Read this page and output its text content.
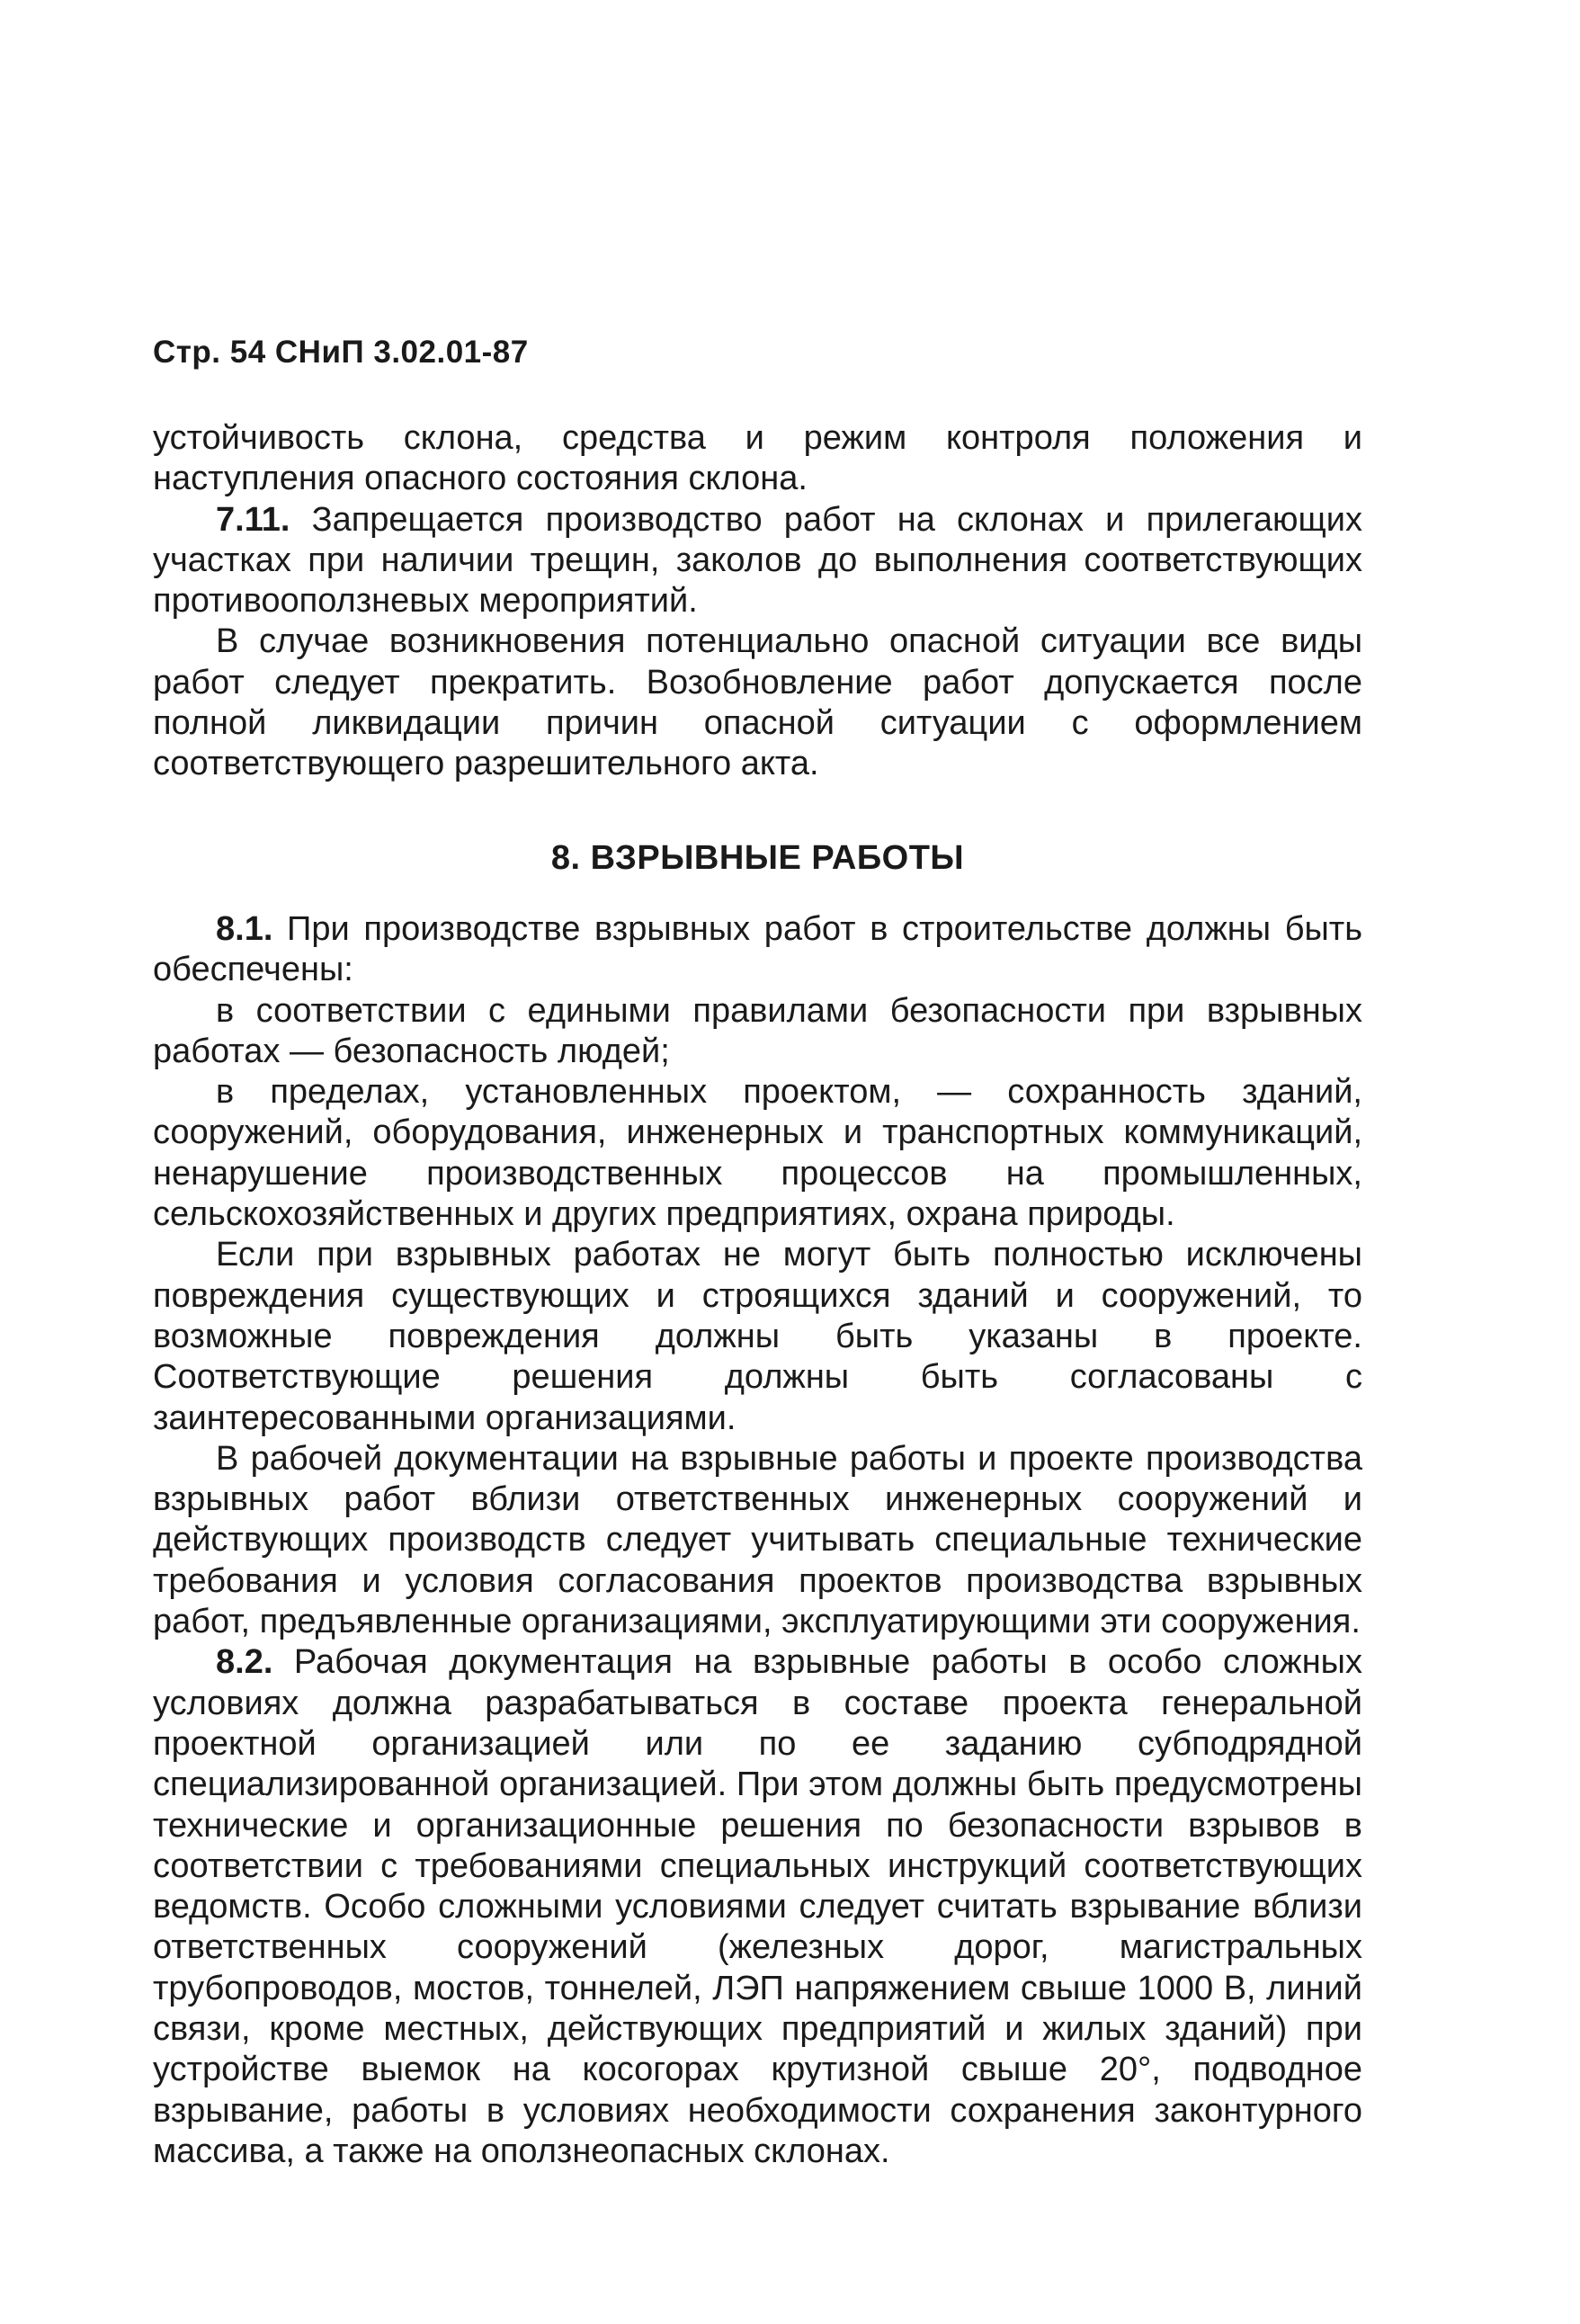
Стр. 54 СНиП 3.02.01-87

устойчивость склона, средства и режим контроля положения и наступления опасного состояния склона.

7.11. Запрещается производство работ на склонах и прилегающих участках при наличии трещин, заколов до выполнения соответствующих противооползневых мероприятий.

В случае возникновения потенциально опасной ситуации все виды работ следует прекратить. Возобновление работ допускается после полной ликвидации причин опасной ситуации с оформлением соответствующего разрешительного акта.

8. ВЗРЫВНЫЕ РАБОТЫ

8.1. При производстве взрывных работ в строительстве должны быть обеспечены:

в соответствии с едиными правилами безопасности при взрывных работах — безопасность людей;

в пределах, установленных проектом, — сохранность зданий, сооружений, оборудования, инженерных и транспортных коммуникаций, ненарушение производственных процессов на промышленных, сельскохозяйственных и других предприятиях, охрана природы.

Если при взрывных работах не могут быть полностью исключены повреждения существующих и строящихся зданий и сооружений, то возможные повреждения должны быть указаны в проекте. Соответствующие решения должны быть согласованы с заинтересованными организациями.

В рабочей документации на взрывные работы и проекте производства взрывных работ вблизи ответственных инженерных сооружений и действующих производств следует учитывать специальные технические требования и условия согласования проектов производства взрывных работ, предъявленные организациями, эксплуатирующими эти сооружения.

8.2. Рабочая документация на взрывные работы в особо сложных условиях должна разрабатываться в составе проекта генеральной проектной организацией или по ее заданию субподрядной специализированной организацией. При этом должны быть предусмотрены технические и организационные решения по безопасности взрывов в соответствии с требованиями специальных инструкций соответствующих ведомств. Особо сложными условиями следует считать взрывание вблизи ответственных сооружений (железных дорог, магистральных трубопроводов, мостов, тоннелей, ЛЭП напряжением свыше 1000 В, линий связи, кроме местных, действующих предприятий и жилых зданий) при устройстве выемок на косогорах крутизной свыше 20°, подводное взрывание, работы в условиях необходимости сохранения законтурного массива, а также на оползнеопасных склонах.
